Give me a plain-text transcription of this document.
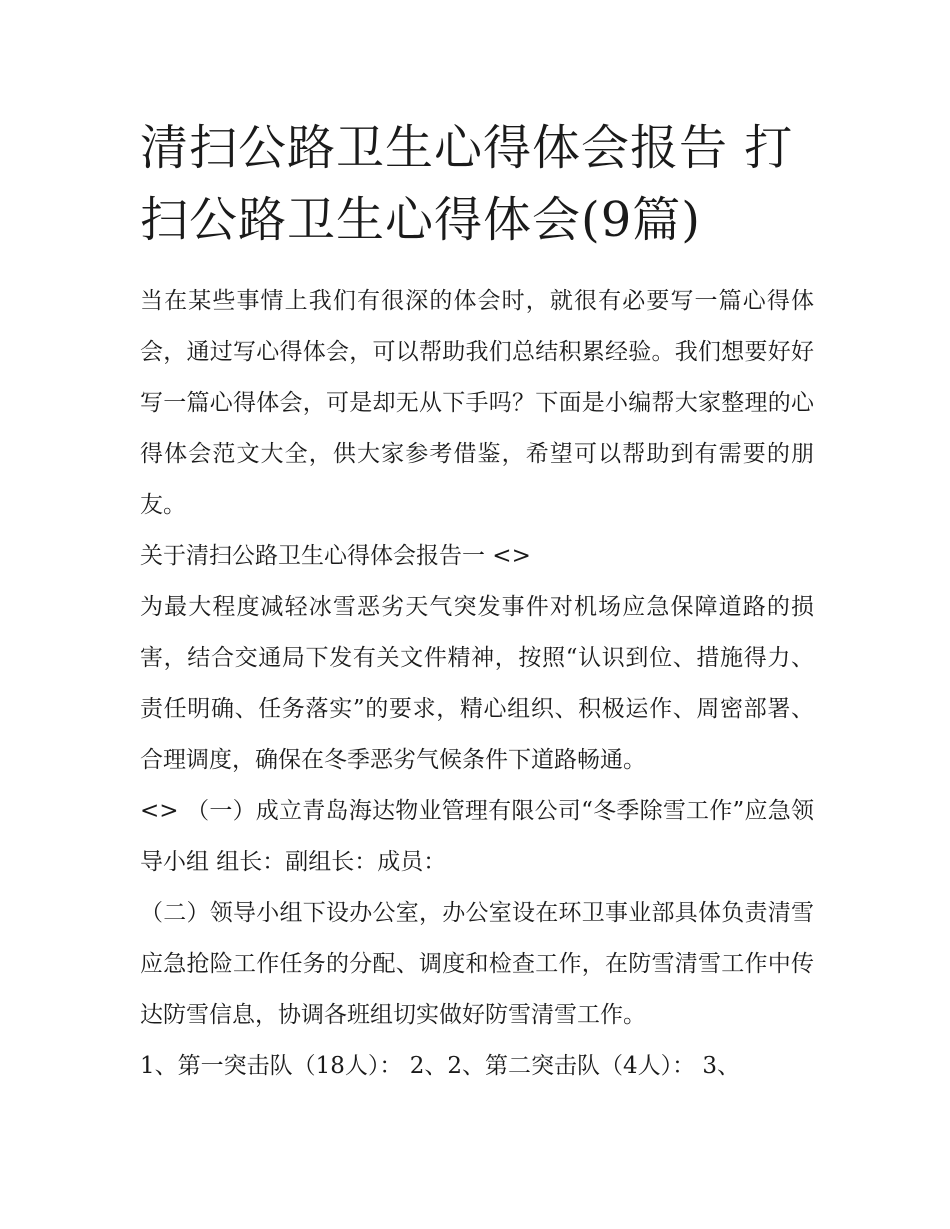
清扫公路卫生心得体会报告 打扫公路卫生心得体会(9篇)

当在某些事情上我们有很深的体会时，就很有必要写一篇心得体会，通过写心得体会，可以帮助我们总结积累经验。我们想要好好写一篇心得体会，可是却无从下手吗？下面是小编帮大家整理的心得体会范文大全，供大家参考借鉴，希望可以帮助到有需要的朋友。

关于清扫公路卫生心得体会报告一 <>

为最大程度减轻冰雪恶劣天气突发事件对机场应急保障道路的损害，结合交通局下发有关文件精神，按照“认识到位、措施得力、责任明确、任务落实”的要求，精心组织、积极运作、周密部署、合理调度，确保在冬季恶劣气候条件下道路畅通。

<> （一）成立青岛海达物业管理有限公司“冬季除雪工作”应急领导小组 组长：副组长：成员：

（二）领导小组下设办公室，办公室设在环卫事业部具体负责清雪应急抢险工作任务的分配、调度和检查工作，在防雪清雪工作中传达防雪信息，协调各班组切实做好防雪清雪工作。

1、第一突击队（18人）： 2、2、第二突击队（4人）： 3、
